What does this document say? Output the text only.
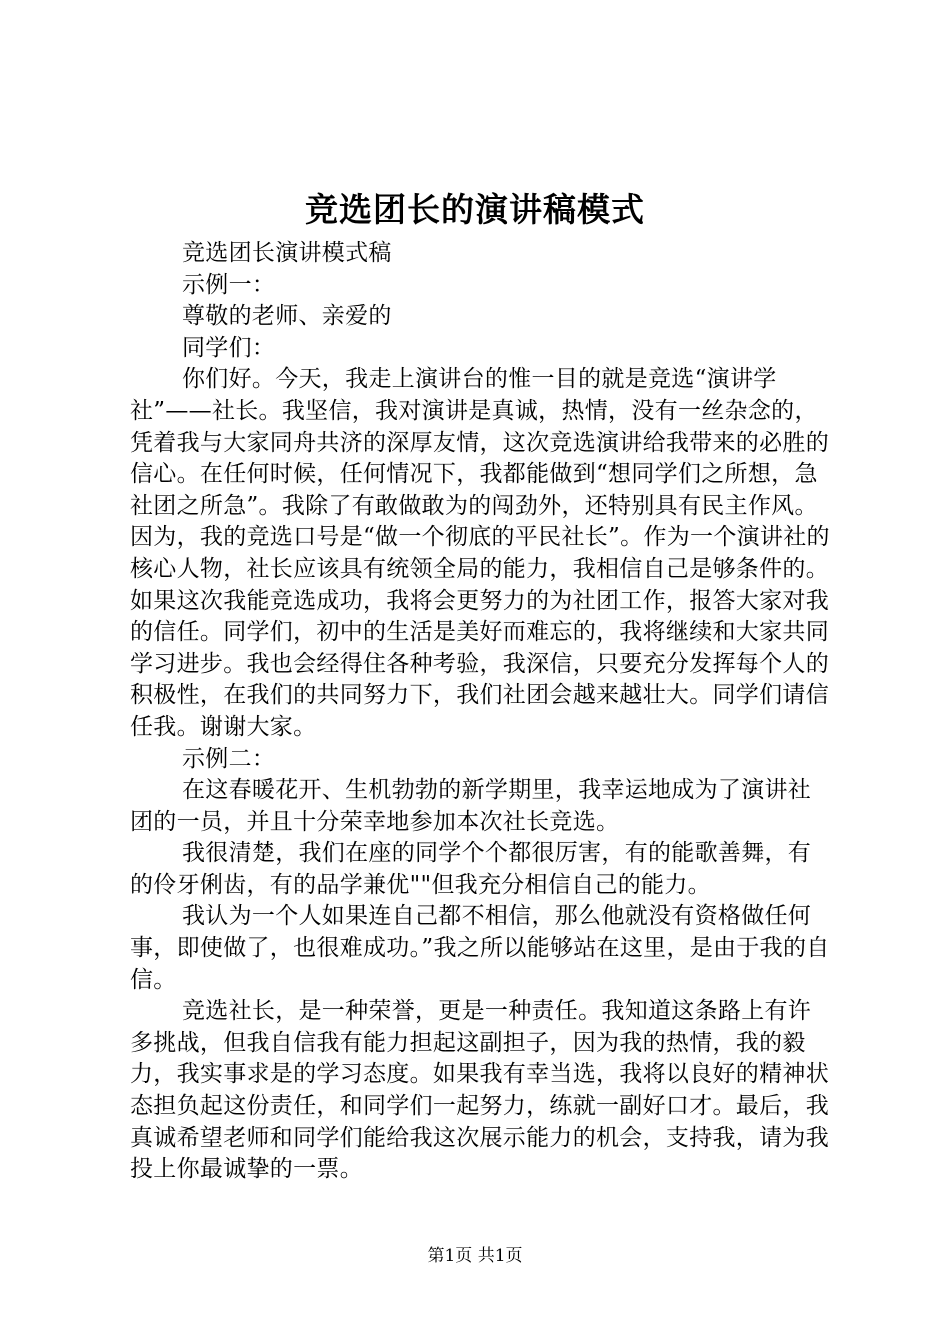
竞选团长的演讲稿模式

竞选团长演讲模式稿

示例一：

尊敬的老师、亲爱的

同学们：

你们好。今天，我走上演讲台的惟一目的就是竞选“演讲学社”——社长。我坚信，我对演讲是真诚，热情，没有一丝杂念的，凭着我与大家同舟共济的深厚友情，这次竞选演讲给我带来的必胜的信心。在任何时候，任何情况下，我都能做到“想同学们之所想，急社团之所急”。我除了有敢做敢为的闯劲外，还特别具有民主作风。因为，我的竞选口号是“做一个彻底的平民社长”。作为一个演讲社的核心人物，社长应该具有统领全局的能力，我相信自己是够条件的。如果这次我能竞选成功，我将会更努力的为社团工作，报答大家对我的信任。同学们，初中的生活是美好而难忘的，我将继续和大家共同学习进步。我也会经得住各种考验，我深信，只要充分发挥每个人的积极性，在我们的共同努力下，我们社团会越来越壮大。同学们请信任我。谢谢大家。

示例二：

在这春暖花开、生机勃勃的新学期里，我幸运地成为了演讲社团的一员，并且十分荣幸地参加本次社长竞选。

我很清楚，我们在座的同学个个都很厉害，有的能歌善舞，有的伶牙俐齿，有的品学兼优""但我充分相信自己的能力。

我认为一个人如果连自己都不相信，那么他就没有资格做任何事，即使做了，也很难成功。”我之所以能够站在这里，是由于我的自信。

竞选社长，是一种荣誉，更是一种责任。我知道这条路上有许多挑战，但我自信我有能力担起这副担子，因为我的热情，我的毅力，我实事求是的学习态度。如果我有幸当选，我将以良好的精神状态担负起这份责任，和同学们一起努力，练就一副好口才。最后，我真诚希望老师和同学们能给我这次展示能力的机会，支持我，请为我投上你最诚挚的一票。

第1页 共1页
